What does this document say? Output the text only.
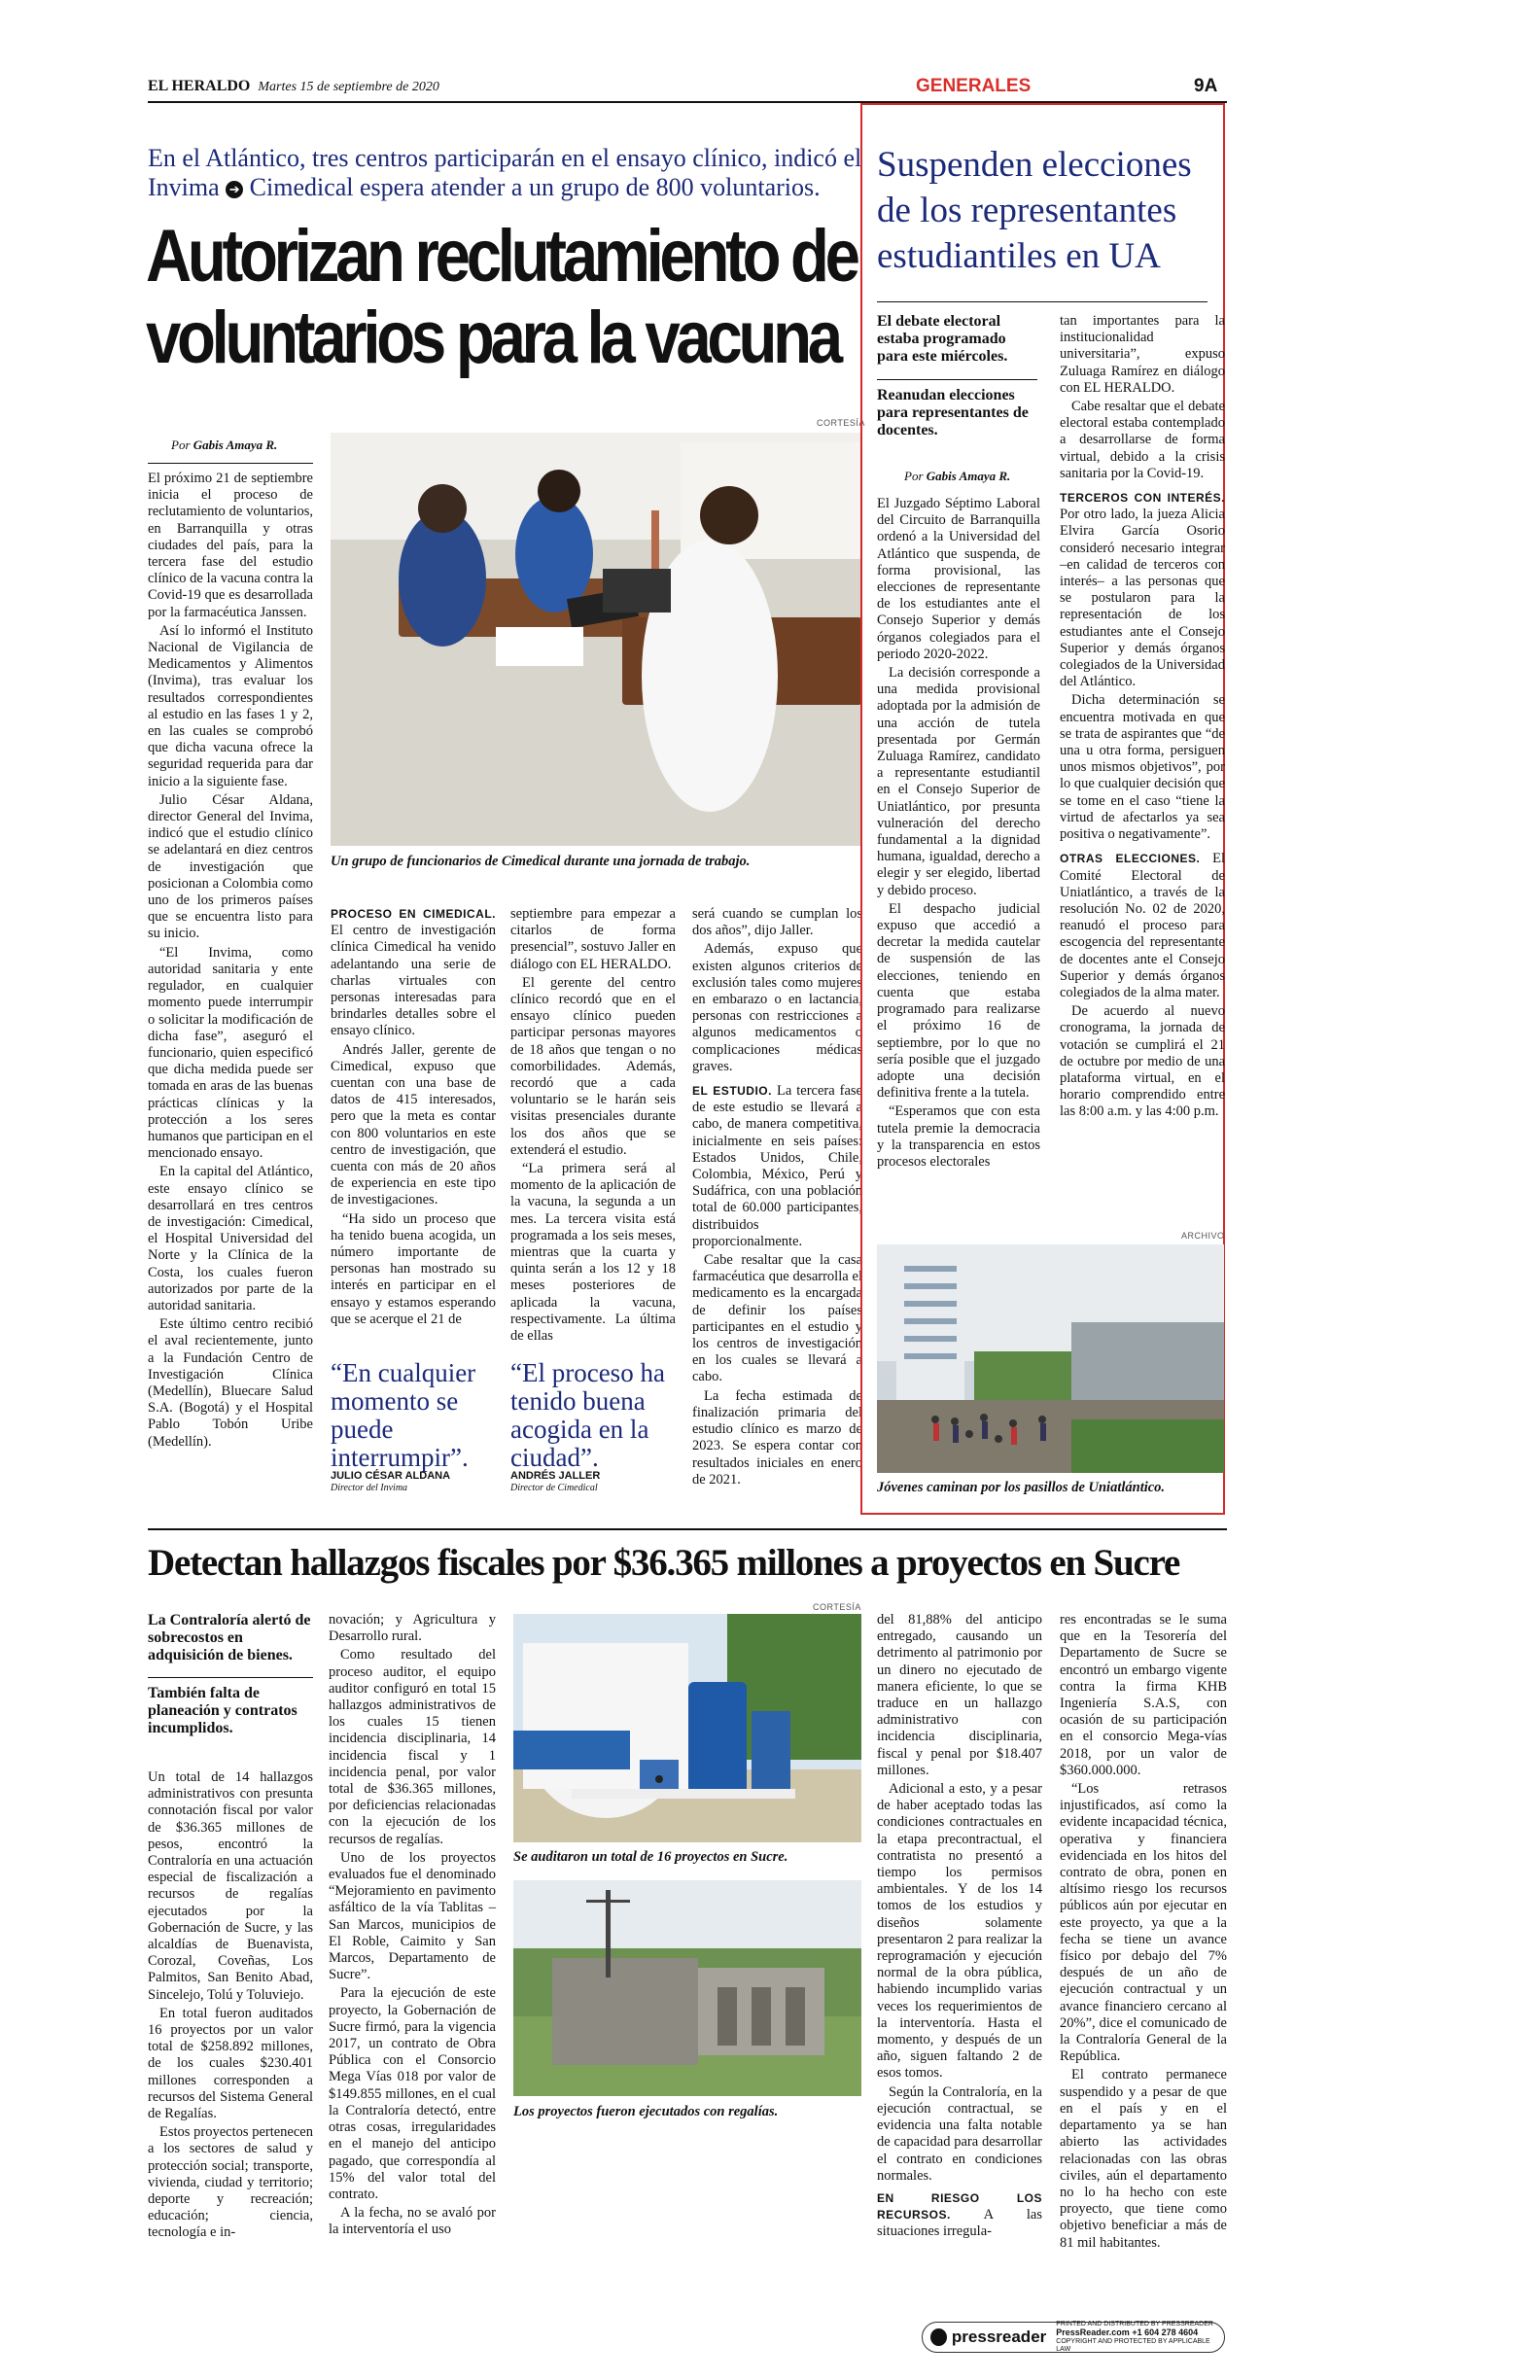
EL HERALDO Martes 15 de septiembre de 2020	GENERALES	9A
En el Atlántico, tres centros participarán en el ensayo clínico, indicó el Invima ➔ Cimedical espera atender a un grupo de 800 voluntarios.
Autorizan reclutamiento de
voluntarios para la vacuna
Por Gabis Amaya R.

El próximo 21 de septiembre inicia el proceso de reclutamiento de voluntarios, en Barranquilla y otras ciudades del país, para la tercera fase del estudio clínico de la vacuna contra la Covid-19 que es desarrollada por la farmacéutica Janssen.

Así lo informó el Instituto Nacional de Vigilancia de Medicamentos y Alimentos (Invima), tras evaluar los resultados correspondientes al estudio en las fases 1 y 2, en las cuales se comprobó que dicha vacuna ofrece la seguridad requerida para dar inicio a la siguiente fase.

Julio César Aldana, director General del Invima, indicó que el estudio clínico se adelantará en diez centros de investigación que posicionan a Colombia como uno de los primeros países que se encuentra listo para su inicio.

“El Invima, como autoridad sanitaria y ente regulador, en cualquier momento puede interrumpir o solicitar la modificación de dicha fase”, aseguró el funcionario, quien especificó que dicha medida puede ser tomada en aras de las buenas prácticas clínicas y la protección a los seres humanos que participan en el mencionado ensayo.

En la capital del Atlántico, este ensayo clínico se desarrollará en tres centros de investigación: Cimedical, el Hospital Universidad del Norte y la Clínica de la Costa, los cuales fueron autorizados por parte de la autoridad sanitaria.

Este último centro recibió el aval recientemente, junto a la Fundación Centro de Investigación Clínica (Medellín), Bluecare Salud S.A. (Bogotá) y el Hospital Pablo Tobón Uribe (Medellín).

CORTESÍA
Un grupo de funcionarios de Cimedical durante una jornada de trabajo.

PROCESO EN CIMEDICAL. El centro de investigación clínica Cimedical ha venido adelantando una serie de charlas virtuales con personas interesadas para brindarles detalles sobre el ensayo clínico.

Andrés Jaller, gerente de Cimedical, expuso que cuentan con una base de datos de 415 interesados, pero que la meta es contar con 800 voluntarios en este centro de investigación, que cuenta con más de 20 años de experiencia en este tipo de investigaciones.

“Ha sido un proceso que ha tenido buena acogida, un número importante de personas han mostrado su interés en participar en el ensayo y estamos esperando que se acerque el 21 de

septiembre para empezar a citarlos de forma presencial”, sostuvo Jaller en diálogo con EL HERALDO.

El gerente del centro clínico recordó que en el ensayo clínico pueden participar personas mayores de 18 años que tengan o no comorbilidades. Además, recordó que a cada voluntario se le harán seis visitas presenciales durante los dos años que se extenderá el estudio.

“La primera será al momento de la aplicación de la vacuna, la segunda a un mes. La tercera visita está programada a los seis meses, mientras que la cuarta y quinta serán a los 12 y 18 meses posteriores de aplicada la vacuna, respectivamente. La última de ellas

será cuando se cumplan los dos años”, dijo Jaller.

Además, expuso que existen algunos criterios de exclusión tales como mujeres en embarazo o en lactancia, personas con restricciones a algunos medicamentos o complicaciones médicas graves.

EL ESTUDIO. La tercera fase de este estudio se llevará a cabo, de manera competitiva, inicialmente en seis países: Estados Unidos, Chile, Colombia, México, Perú y Sudáfrica, con una población total de 60.000 participantes, distribuidos proporcionalmente.

Cabe resaltar que la casa farmacéutica que desarrolla el medicamento es la encargada de definir los países participantes en el estudio y los centros de investigación en los cuales se llevará a cabo.

La fecha estimada de finalización primaria del estudio clínico es marzo de 2023. Se espera contar con resultados iniciales en enero de 2021.

“En cualquier momento se puede interrumpir”.
JULIO CÉSAR ALDANA
Director del Invima
“El proceso ha tenido buena acogida en la ciudad”.
ANDRÉS JALLER
Director de Cimedical
Suspenden elecciones de los representantes estudiantiles en UA
El debate electoral estaba programado para este miércoles.
Reanudan elecciones para representantes de docentes.
Por Gabis Amaya R.

El Juzgado Séptimo Laboral del Circuito de Barranquilla ordenó a la Universidad del Atlántico que suspenda, de forma provisional, las elecciones de representante de los estudiantes ante el Consejo Superior y demás órganos colegiados para el periodo 2020-2022.

La decisión corresponde a una medida provisional adoptada por la admisión de una acción de tutela presentada por Germán Zuluaga Ramírez, candidato a representante estudiantil en el Consejo Superior de Uniatlántico, por presunta vulneración del derecho fundamental a la dignidad humana, igualdad, derecho a elegir y ser elegido, libertad y debido proceso.

El despacho judicial expuso que accedió a decretar la medida cautelar de suspensión de las elecciones, teniendo en cuenta que estaba programado para realizarse el próximo 16 de septiembre, por lo que no sería posible que el juzgado adopte una decisión definitiva frente a la tutela.

“Esperamos que con esta tutela premie la democracia y la transparencia en estos procesos electorales

tan importantes para la institucionalidad universitaria”, expuso Zuluaga Ramírez en diálogo con EL HERALDO.

Cabe resaltar que el debate electoral estaba contemplado a desarrollarse de forma virtual, debido a la crisis sanitaria por la Covid-19.

TERCEROS CON INTERÉS. Por otro lado, la jueza Alicia Elvira García Osorio consideró necesario integrar –en calidad de terceros con interés– a las personas que se postularon para la representación de los estudiantes ante el Consejo Superior y demás órganos colegiados de la Universidad del Atlántico.

Dicha determinación se encuentra motivada en que se trata de aspirantes que “de una u otra forma, persiguen unos mismos objetivos”, por lo que cualquier decisión que se tome en el caso “tiene la virtud de afectarlos ya sea positiva o negativamente”.

OTRAS ELECCIONES. El Comité Electoral de Uniatlántico, a través de la resolución No. 02 de 2020, reanudó el proceso para escogencia del representante de docentes ante el Consejo Superior y demás órganos colegiados de la alma mater.

De acuerdo al nuevo cronograma, la jornada de votación se cumplirá el 21 de octubre por medio de una plataforma virtual, en el horario comprendido entre las 8:00 a.m. y las 4:00 p.m.

ARCHIVO
Jóvenes caminan por los pasillos de Uniatlántico.
Detectan hallazgos fiscales por $36.365 millones a proyectos en Sucre
La Contraloría alertó de sobrecostos en adquisición de bienes.
También falta de planeación y contratos incumplidos.

Un total de 14 hallazgos administrativos con presunta connotación fiscal por valor de $36.365 millones de pesos, encontró la Contraloría en una actuación especial de fiscalización a recursos de regalías ejecutados por la Gobernación de Sucre, y las alcaldías de Buenavista, Corozal, Coveñas, Los Palmitos, San Benito Abad, Sincelejo, Tolú y Toluviejo.

En total fueron auditados 16 proyectos por un valor total de $258.892 millones, de los cuales $230.401 millones corresponden a recursos del Sistema General de Regalías.

Estos proyectos pertenecen a los sectores de salud y protección social; transporte, vivienda, ciudad y territorio; deporte y recreación; educación; ciencia, tecnología e in-

novación; y Agricultura y Desarrollo rural.

Como resultado del proceso auditor, el equipo auditor configuró en total 15 hallazgos administrativos de los cuales 15 tienen incidencia disciplinaria, 14 incidencia fiscal y 1 incidencia penal, por valor total de $36.365 millones, por deficiencias relacionadas con la ejecución de los recursos de regalías.

Uno de los proyectos evaluados fue el denominado “Mejoramiento en pavimento asfáltico de la vía Tablitas – San Marcos, municipios de El Roble, Caimito y San Marcos, Departamento de Sucre”.

Para la ejecución de este proyecto, la Gobernación de Sucre firmó, para la vigencia 2017, un contrato de Obra Pública con el Consorcio Mega Vías 018 por valor de $149.855 millones, en el cual la Contraloría detectó, entre otras cosas, irregularidades en el manejo del anticipo pagado, que correspondía al 15% del valor total del contrato.

A la fecha, no se avaló por la interventoría el uso

CORTESÍA
Se auditaron un total de 16 proyectos en Sucre.
Los proyectos fueron ejecutados con regalías.

del 81,88% del anticipo entregado, causando un detrimento al patrimonio por un dinero no ejecutado de manera eficiente, lo que se traduce en un hallazgo administrativo con incidencia disciplinaria, fiscal y penal por $18.407 millones.

Adicional a esto, y a pesar de haber aceptado todas las condiciones contractuales en la etapa precontractual, el contratista no presentó a tiempo los permisos ambientales. Y de los 14 tomos de los estudios y diseños solamente presentaron 2 para realizar la reprogramación y ejecución normal de la obra pública, habiendo incumplido varias veces los requerimientos de la interventoría. Hasta el momento, y después de un año, siguen faltando 2 de esos tomos.

Según la Contraloría, en la ejecución contractual, se evidencia una falta notable de capacidad para desarrollar el contrato en condiciones normales.

EN RIESGO LOS RECURSOS. A las situaciones irregula-

res encontradas se le suma que en la Tesorería del Departamento de Sucre se encontró un embargo vigente contra la firma KHB Ingeniería S.A.S, con ocasión de su participación en el consorcio Mega-vías 2018, por un valor de $360.000.000.

“Los retrasos injustificados, así como la evidente incapacidad técnica, operativa y financiera evidenciada en los hitos del contrato de obra, ponen en altísimo riesgo los recursos públicos aún por ejecutar en este proyecto, ya que a la fecha se tiene un avance físico por debajo del 7% después de un año de ejecución contractual y un avance financiero cercano al 20%”, dice el comunicado de la Contraloría General de la República.

El contrato permanece suspendido y a pesar de que en el país y en el departamento ya se han abierto las actividades relacionadas con las obras civiles, aún el departamento no lo ha hecho con este proyecto, que tiene como objetivo beneficiar a más de 81 mil habitantes.

pressreader
PRINTED AND DISTRIBUTED BY PRESSREADER
PressReader.com +1 604 278 4604
COPYRIGHT AND PROTECTED BY APPLICABLE LAW
